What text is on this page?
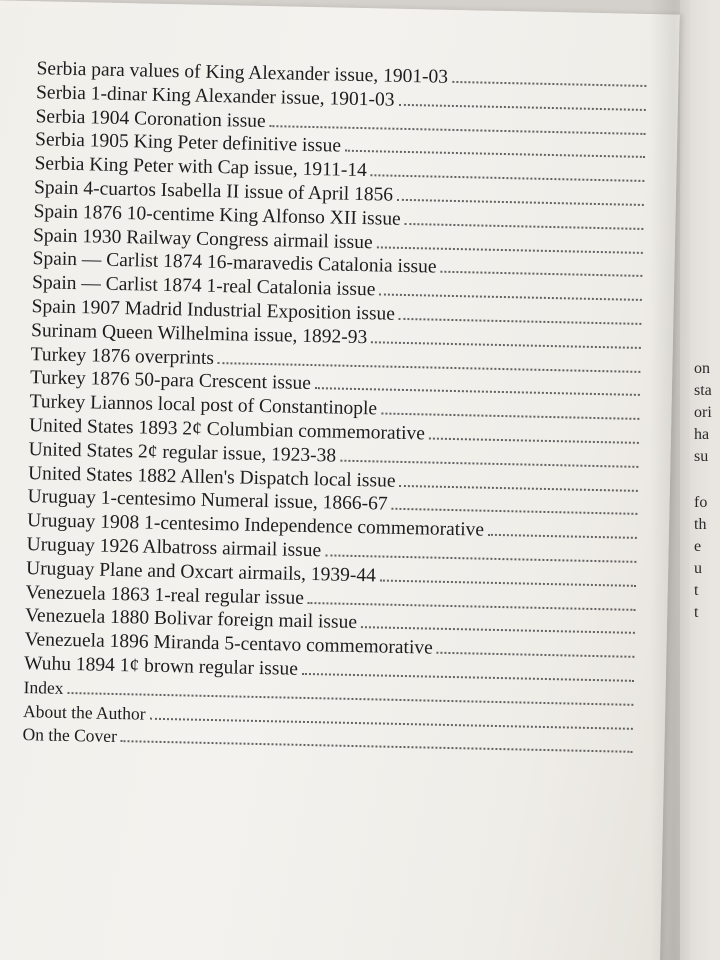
Serbia para values of King Alexander issue, 1901-03
Serbia 1-dinar King Alexander issue, 1901-03
Serbia 1904 Coronation issue
Serbia 1905 King Peter definitive issue
Serbia King Peter with Cap issue, 1911-14
Spain 4-cuartos Isabella II issue of April 1856
Spain 1876 10-centime King Alfonso XII issue
Spain 1930 Railway Congress airmail issue
Spain — Carlist 1874 16-maravedis Catalonia issue
Spain — Carlist 1874 1-real Catalonia issue
Spain 1907 Madrid Industrial Exposition issue
Surinam Queen Wilhelmina issue, 1892-93
Turkey 1876 overprints
Turkey 1876 50-para Crescent issue
Turkey Liannos local post of Constantinople
United States 1893 2¢ Columbian commemorative
United States 2¢ regular issue, 1923-38
United States 1882 Allen's Dispatch local issue
Uruguay 1-centesimo Numeral issue, 1866-67
Uruguay 1908 1-centesimo Independence commemorative
Uruguay 1926 Albatross airmail issue
Uruguay Plane and Oxcart airmails, 1939-44
Venezuela 1863 1-real regular issue
Venezuela 1880 Bolivar foreign mail issue
Venezuela 1896 Miranda 5-centavo commemorative
Wuhu 1894 1¢ brown regular issue
Index
About the Author
On the Cover
on
sta
ori
ha
su
fo
th
e
u
t
t
